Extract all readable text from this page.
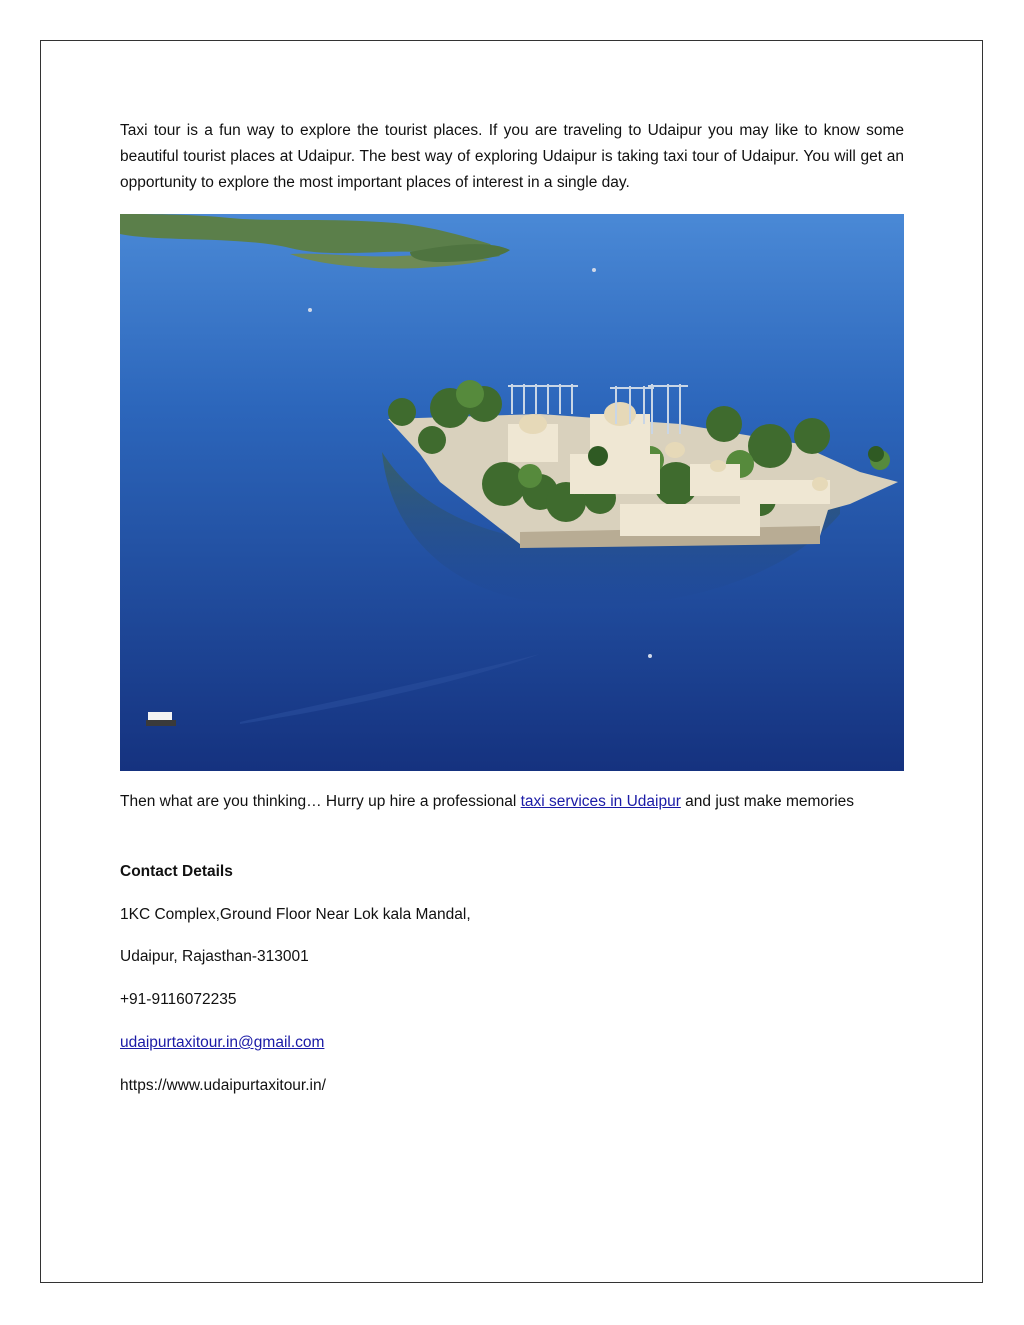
Taxi tour is a fun way to explore the tourist places. If you are traveling to Udaipur you may like to know some beautiful tourist places at Udaipur. The best way of exploring Udaipur is taking taxi tour of Udaipur. You will get an opportunity to explore the most important places of interest in a single day.

Then what are you thinking… Hurry up hire a professional taxi services in Udaipur and just make memories

Contact Details
1KC Complex,Ground Floor Near Lok kala Mandal,
Udaipur, Rajasthan-313001
+91-9116072235
udaipurtaxitour.in@gmail.com
https://www.udaipurtaxitour.in/
